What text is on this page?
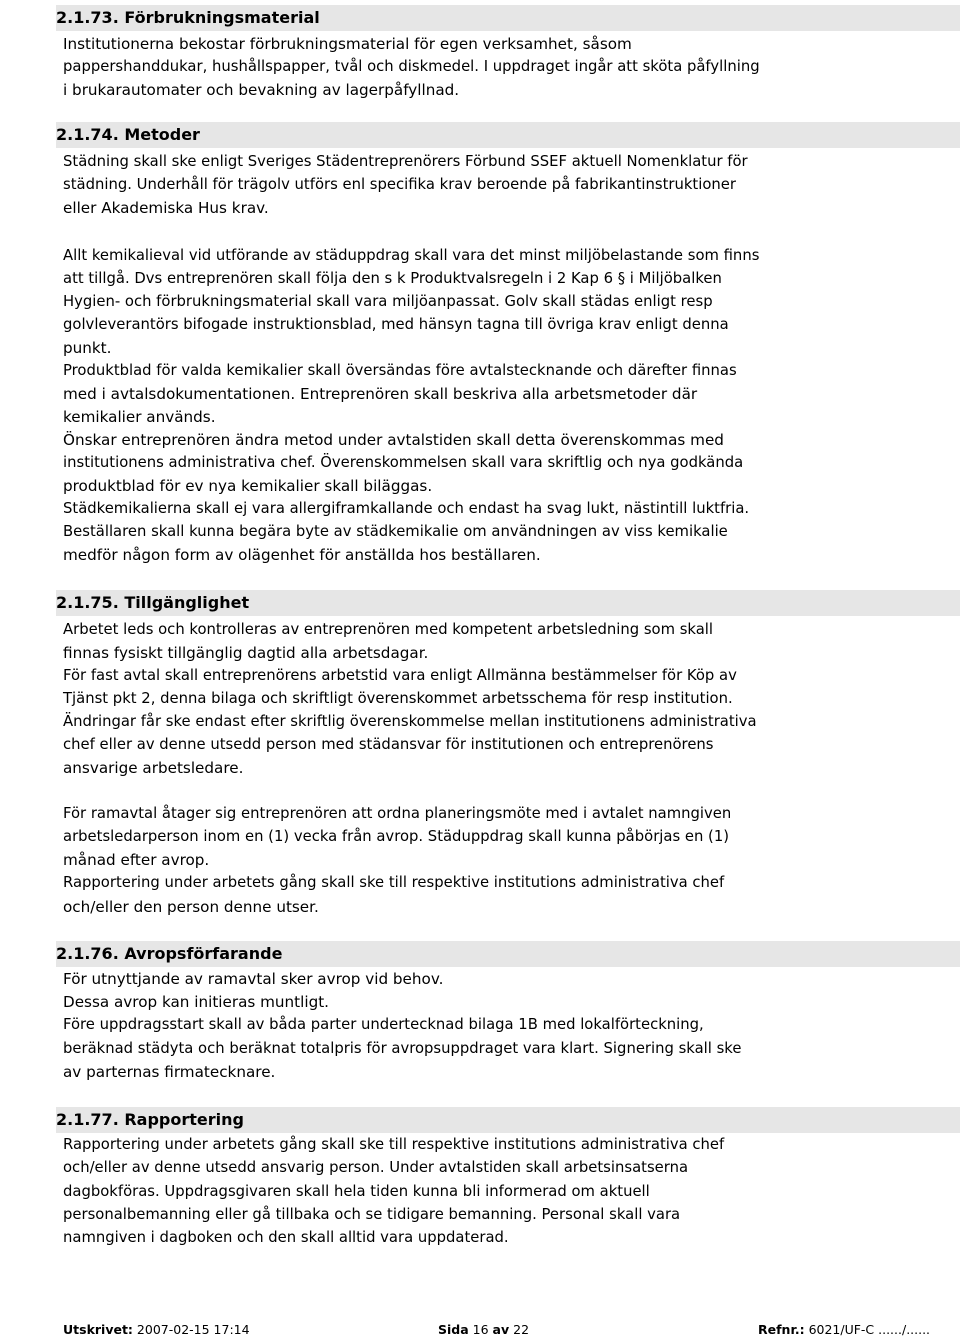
2.1.73. Förbrukningsmaterial
Institutionerna bekostar förbrukningsmaterial för egen verksamhet, såsom
pappershanddukar, hushållspapper, tvål och diskmedel. I uppdraget ingår att sköta påfyllning
i brukarautomater och bevakning av lagerpåfyllnad.
2.1.74. Metoder
Städning skall ske enligt Sveriges Städentreprenörers Förbund SSEF aktuell Nomenklatur för
städning. Underhåll för trägolv utförs enl specifika krav beroende på fabrikantinstruktioner
eller Akademiska Hus krav.
Allt kemikalieval vid utförande av städuppdrag skall vara det minst miljöbelastande som finns
att tillgå. Dvs entreprenören skall följa den s k Produktvalsregeln i 2 Kap 6 § i Miljöbalken
Hygien- och förbrukningsmaterial skall vara miljöanpassat. Golv skall städas enligt resp
golvleverantörs bifogade instruktionsblad, med hänsyn tagna till övriga krav enligt denna
punkt.
Produktblad för valda kemikalier skall översändas före avtalstecknande och därefter finnas
med i avtalsdokumentationen. Entreprenören skall beskriva alla arbetsmetoder där
kemikalier används.
Önskar entreprenören ändra metod under avtalstiden skall detta överenskommas med
institutionens administrativa chef. Överenskommelsen skall vara skriftlig och nya godkända
produktblad för ev nya kemikalier skall biläggas.
Städkemikalierna skall ej vara allergiframkallande och endast ha svag lukt, nästintill luktfria.
Beställaren skall kunna begära byte av städkemikalie om användningen av viss kemikalie
medför någon form av olägenhet för anställda hos beställaren.
2.1.75. Tillgänglighet
Arbetet leds och kontrolleras av entreprenören med kompetent arbetsledning som skall
finnas fysiskt tillgänglig dagtid alla arbetsdagar.
För fast avtal skall entreprenörens arbetstid vara enligt Allmänna bestämmelser för Köp av
Tjänst pkt 2, denna bilaga och skriftligt överenskommet arbetsschema för resp institution.
Ändringar får ske endast efter skriftlig överenskommelse mellan institutionens administrativa
chef eller av denne utsedd person med städansvar för institutionen och entreprenörens
ansvarige arbetsledare.
För ramavtal åtager sig entreprenören att ordna planeringsmöte med i avtalet namngiven
arbetsledarperson inom en (1) vecka från avrop. Städuppdrag skall kunna påbörjas en (1)
månad efter avrop.
Rapportering under arbetets gång skall ske till respektive institutions administrativa chef
och/eller den person denne utser.
2.1.76. Avropsförfarande
För utnyttjande av ramavtal sker avrop vid behov.
Dessa avrop kan initieras muntligt.
Före uppdragsstart skall av båda parter undertecknad bilaga 1B med lokalförteckning,
beräknad städyta och beräknat totalpris för avropsuppdraget vara klart. Signering skall ske
av parternas firmatecknare.
2.1.77. Rapportering
Rapportering under arbetets gång skall ske till respektive institutions administrativa chef
och/eller av denne utsedd ansvarig person. Under avtalstiden skall arbetsinsatserna
dagbokföras. Uppdragsgivaren skall hela tiden kunna bli informerad om aktuell
personalbemanning eller gå tillbaka och se tidigare bemanning. Personal skall vara
namngiven i dagboken och den skall alltid vara uppdaterad.
Utskrivet: 2007-02-15 17:14	Sida 16 av 22	Refnr.: 6021/UF-C ....../......
